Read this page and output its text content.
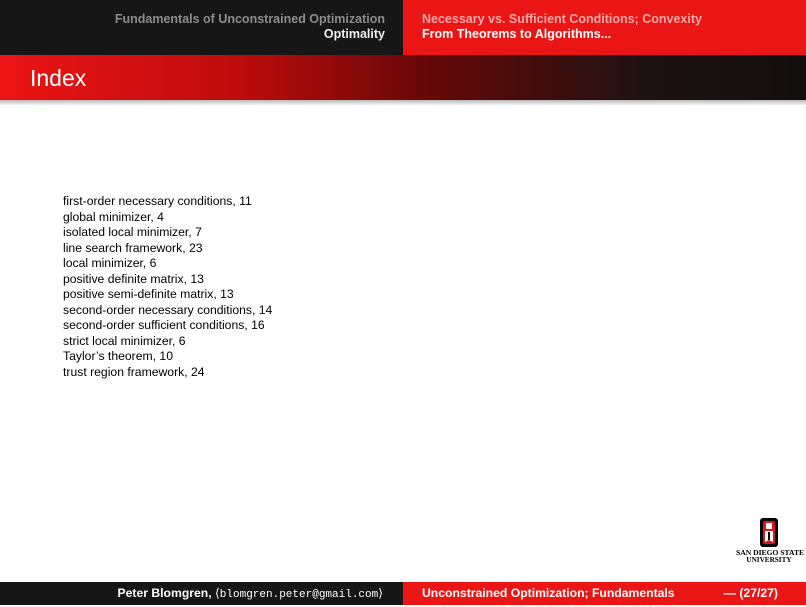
Fundamentals of Unconstrained Optimization
Optimality
Necessary vs. Sufficient Conditions; Convexity
From Theorems to Algorithms...
Index
first-order necessary conditions, 11
global minimizer, 4
isolated local minimizer, 7
line search framework, 23
local minimizer, 6
positive definite matrix, 13
positive semi-definite matrix, 13
second-order necessary conditions, 14
second-order sufficient conditions, 16
strict local minimizer, 6
Taylor’s theorem, 10
trust region framework, 24
SAN DIEGO STATE
UNIVERSITY
Peter Blomgren, ⟨blomgren.peter@gmail.com⟩	Unconstrained Optimization; Fundamentals	— (27/27)
